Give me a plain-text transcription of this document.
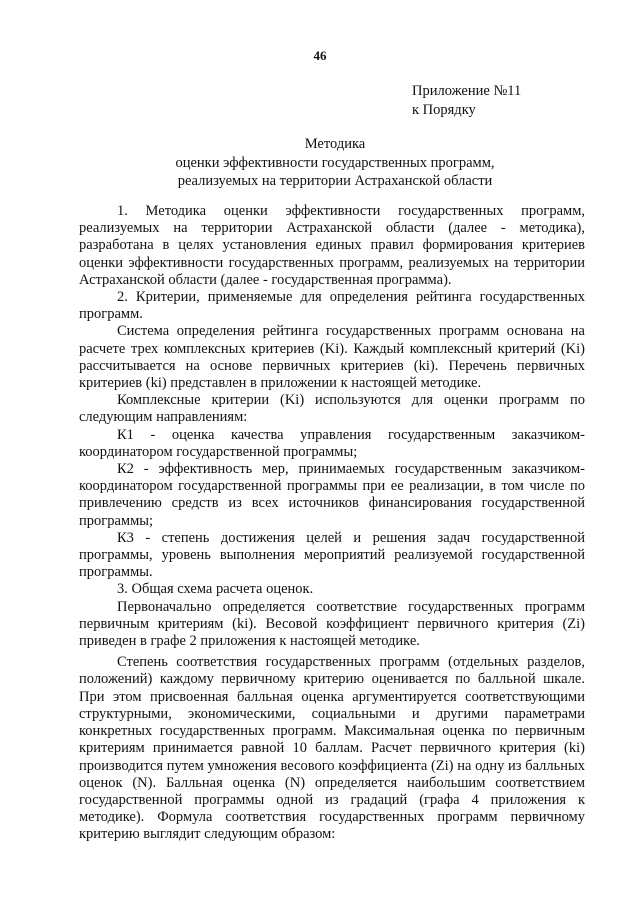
46
Приложение №11
к Порядку
Методика
оценки эффективности государственных программ,
реализуемых на территории Астраханской области

1. Методика оценки эффективности государственных программ, реализуемых на территории Астраханской области (далее - методика), разработана в целях установления единых правил формирования критериев оценки эффективности государственных программ, реализуемых на территории Астраханской области (далее - государственная программа).

2. Критерии, применяемые для определения рейтинга государственных программ.

Система определения рейтинга государственных программ основана на расчете трех комплексных критериев (Ki). Каждый комплексный критерий (Ki) рассчитывается на основе первичных критериев (ki). Перечень первичных критериев (ki) представлен в приложении к настоящей методике.

Комплексные критерии (Ki) используются для оценки программ по следующим направлениям:

К1 - оценка качества управления государственным заказчиком-координатором государственной программы;

К2 - эффективность мер, принимаемых государственным заказчиком-координатором государственной программы при ее реализации, в том числе по привлечению средств из всех источников финансирования государственной программы;

К3 - степень достижения целей и решения задач государственной программы, уровень выполнения мероприятий реализуемой государственной программы.

3. Общая схема расчета оценок.

Первоначально определяется соответствие государственных программ первичным критериям (ki). Весовой коэффициент первичного критерия (Zi) приведен в графе 2 приложения к настоящей методике.

Степень соответствия государственных программ (отдельных разделов, положений) каждому первичному критерию оценивается по балльной шкале. При этом присвоенная балльная оценка аргументируется соответствующими структурными, экономическими, социальными и другими параметрами конкретных государственных программ. Максимальная оценка по первичным критериям принимается равной 10 баллам. Расчет первичного критерия (ki) производится путем умножения весового коэффициента (Zi) на одну из балльных оценок (N). Балльная оценка (N) определяется наибольшим соответствием государственной программы одной из градаций (графа 4 приложения к методике). Формула соответствия государственных программ первичному критерию выглядит следующим образом:
